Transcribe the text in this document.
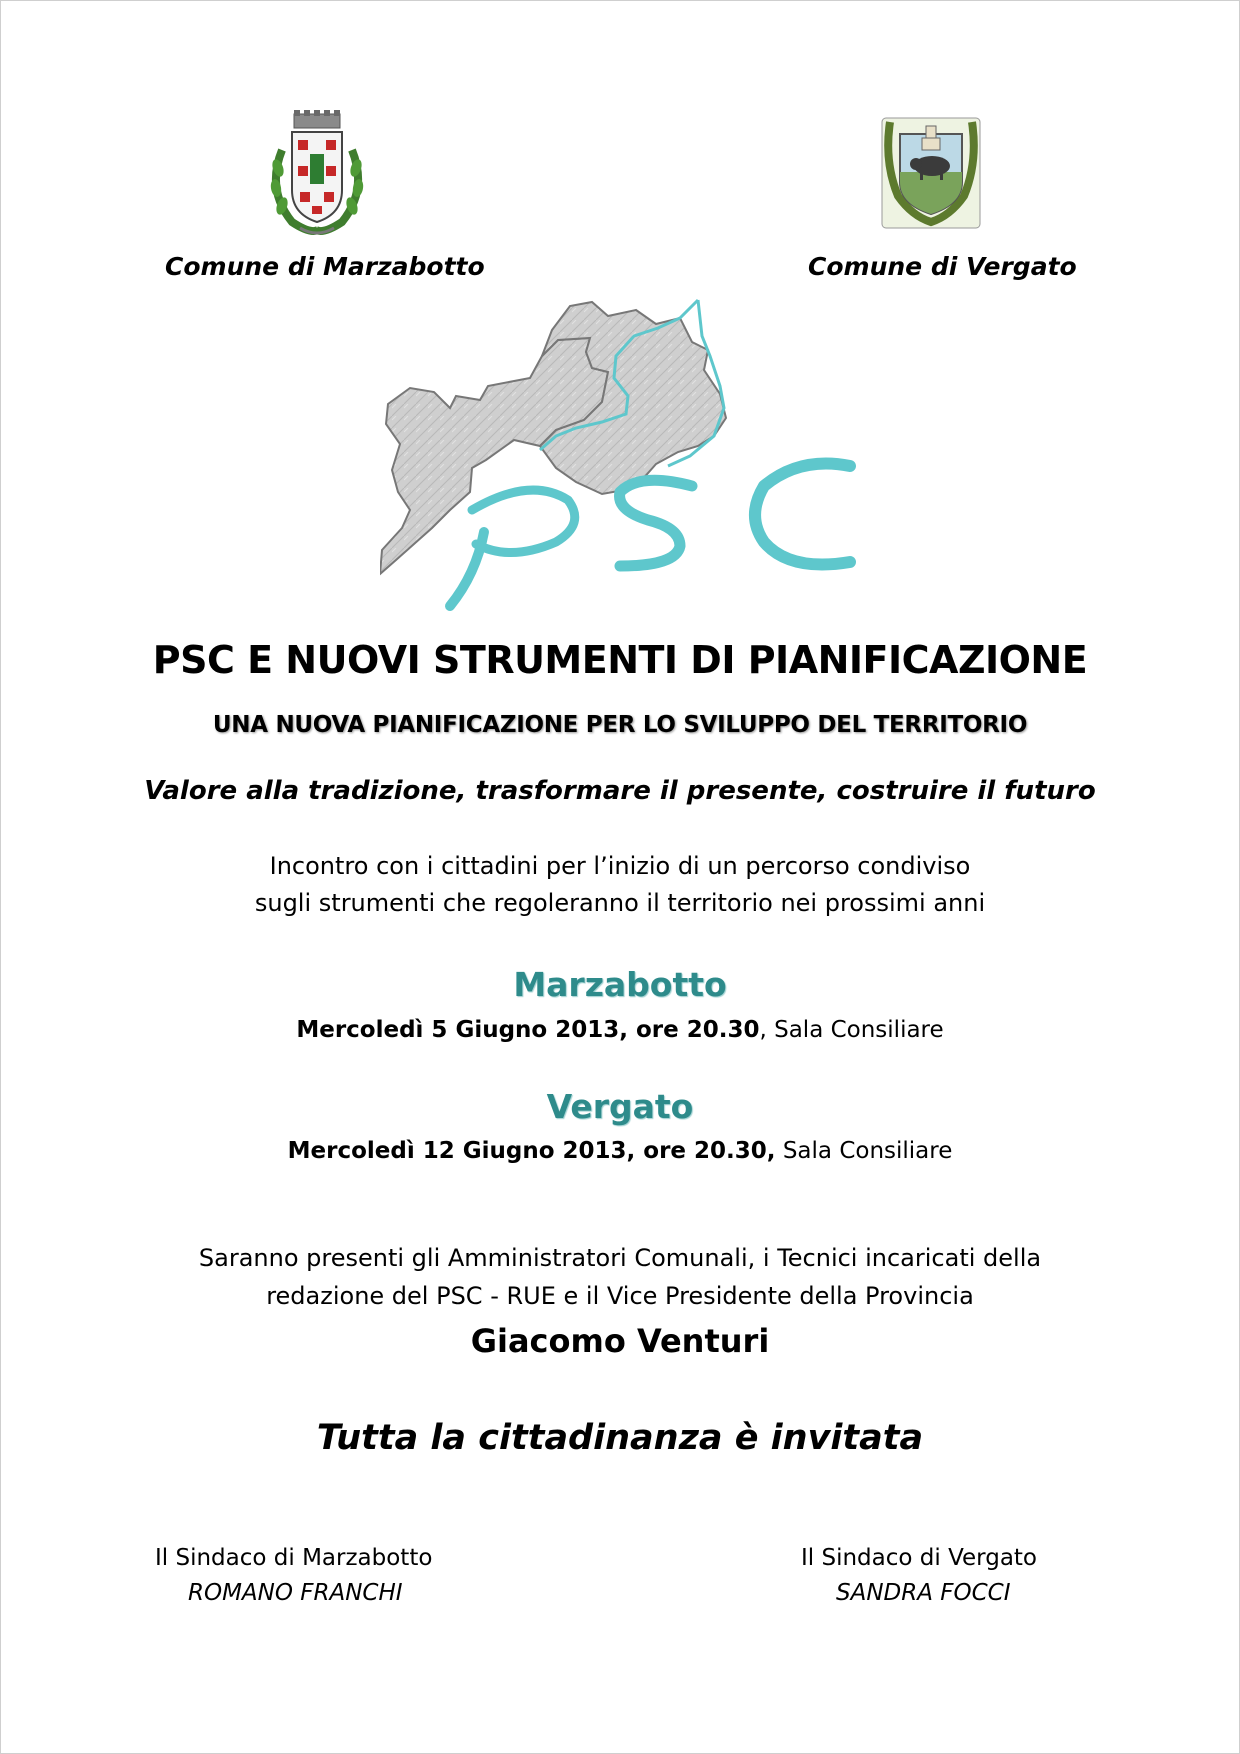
Comune di Marzabotto	Comune di Vergato
PSC E NUOVI STRUMENTI DI PIANIFICAZIONE
UNA NUOVA PIANIFICAZIONE PER LO SVILUPPO DEL TERRITORIO
Valore alla tradizione, trasformare il presente, costruire il futuro
Incontro con i cittadini per l’inizio di un percorso condiviso
sugli strumenti che regoleranno il territorio nei prossimi anni
Marzabotto
Mercoledì 5 Giugno 2013, ore 20.30, Sala Consiliare
Vergato
Mercoledì 12 Giugno 2013, ore 20.30, Sala Consiliare
Saranno presenti gli Amministratori Comunali, i Tecnici incaricati della
redazione del PSC - RUE e il Vice Presidente della Provincia
Giacomo Venturi
Tutta la cittadinanza è invitata
Il Sindaco di Marzabotto
ROMANO FRANCHI
Il Sindaco di Vergato
SANDRA FOCCI
